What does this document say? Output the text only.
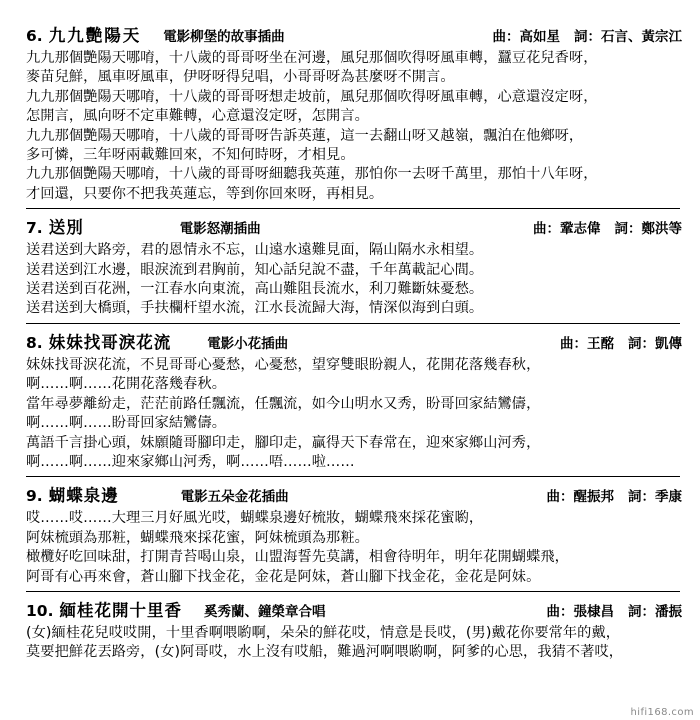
6. 九九艷陽天	電影柳堡的故事插曲	曲：高如星	詞：石言、黃宗江
九九那個艷陽天哪唷，十八歲的哥哥呀坐在河邊，風兒那個吹得呀風車轉，蠶豆花兒香呀，
麥苗兒鮮，風車呀風車，伊呀呀得兒唱，小哥哥呀為甚麼呀不開言。
九九那個艷陽天哪唷，十八歲的哥哥呀想走坡前，風兒那個吹得呀風車轉，心意還沒定呀，
怎開言，風向呀不定車難轉，心意還沒定呀，怎開言。
九九那個艷陽天哪唷，十八歲的哥哥呀告訴英蓮，這一去翻山呀又越嶺，飄泊在他鄉呀，
多可憐，三年呀兩載難回來，不知何時呀，才相見。
九九那個艷陽天哪唷，十八歲的哥哥呀細聽我英蓮，那怕你一去呀千萬里，那怕十八年呀，
才回還，只要你不把我英蓮忘，等到你回來呀，再相見。
7. 送別	電影怒潮插曲	曲：鞏志偉	詞：鄭洪等
送君送到大路旁，君的恩情永不忘，山遠水遠難見面，隔山隔水永相望。
送君送到江水邊，眼淚流到君胸前，知心話兒說不盡，千年萬載記心間。
送君送到百花洲，一江春水向東流，高山難阻長流水，利刀難斷妹憂愁。
送君送到大橋頭，手扶欄杆望水流，江水長流歸大海，情深似海到白頭。
8. 妹妹找哥淚花流	電影小花插曲	曲：王酩	詞：凱傳
妹妹找哥淚花流，不見哥哥心憂愁，心憂愁，望穿雙眼盼親人，花開花落幾春秋，
啊……啊……花開花落幾春秋。
當年尋夢離紛走，茫茫前路任飄流，任飄流，如今山明水又秀，盼哥回家結鸞儔，
啊……啊……盼哥回家結鸞儔。
萬語千言掛心頭，妹願隨哥腳印走，腳印走，贏得天下春常在，迎來家鄉山河秀，
啊……啊……迎來家鄉山河秀，啊……唔……啦……
9. 蝴蝶泉邊	電影五朵金花插曲	曲：醒振邦	詞：季康
哎……哎……大理三月好風光哎，蝴蝶泉邊好梳妝，蝴蝶飛來採花蜜喲，
阿妹梳頭為那粧，蝴蝶飛來採花蜜，阿妹梳頭為那粧。
橄欖好吃回味甜，打開青苔喝山泉，山盟海誓先莫講，相會待明年，明年花開蝴蝶飛，
阿哥有心再來會，蒼山腳下找金花，金花是阿妹，蒼山腳下找金花，金花是阿妹。
10. 緬桂花開十里香	奚秀蘭、鐘榮章合唱	曲：張棣昌	詞：潘振
(女)緬桂花兒哎哎開，十里香啊喂喲啊，朵朵的鮮花哎，情意是長哎，(男)戴花你要常年的戴，
莫要把鮮花丟路旁，(女)阿哥哎，水上沒有哎船，難過河啊喂喲啊，阿爹的心思，我猜不著哎，
hifi168.com
